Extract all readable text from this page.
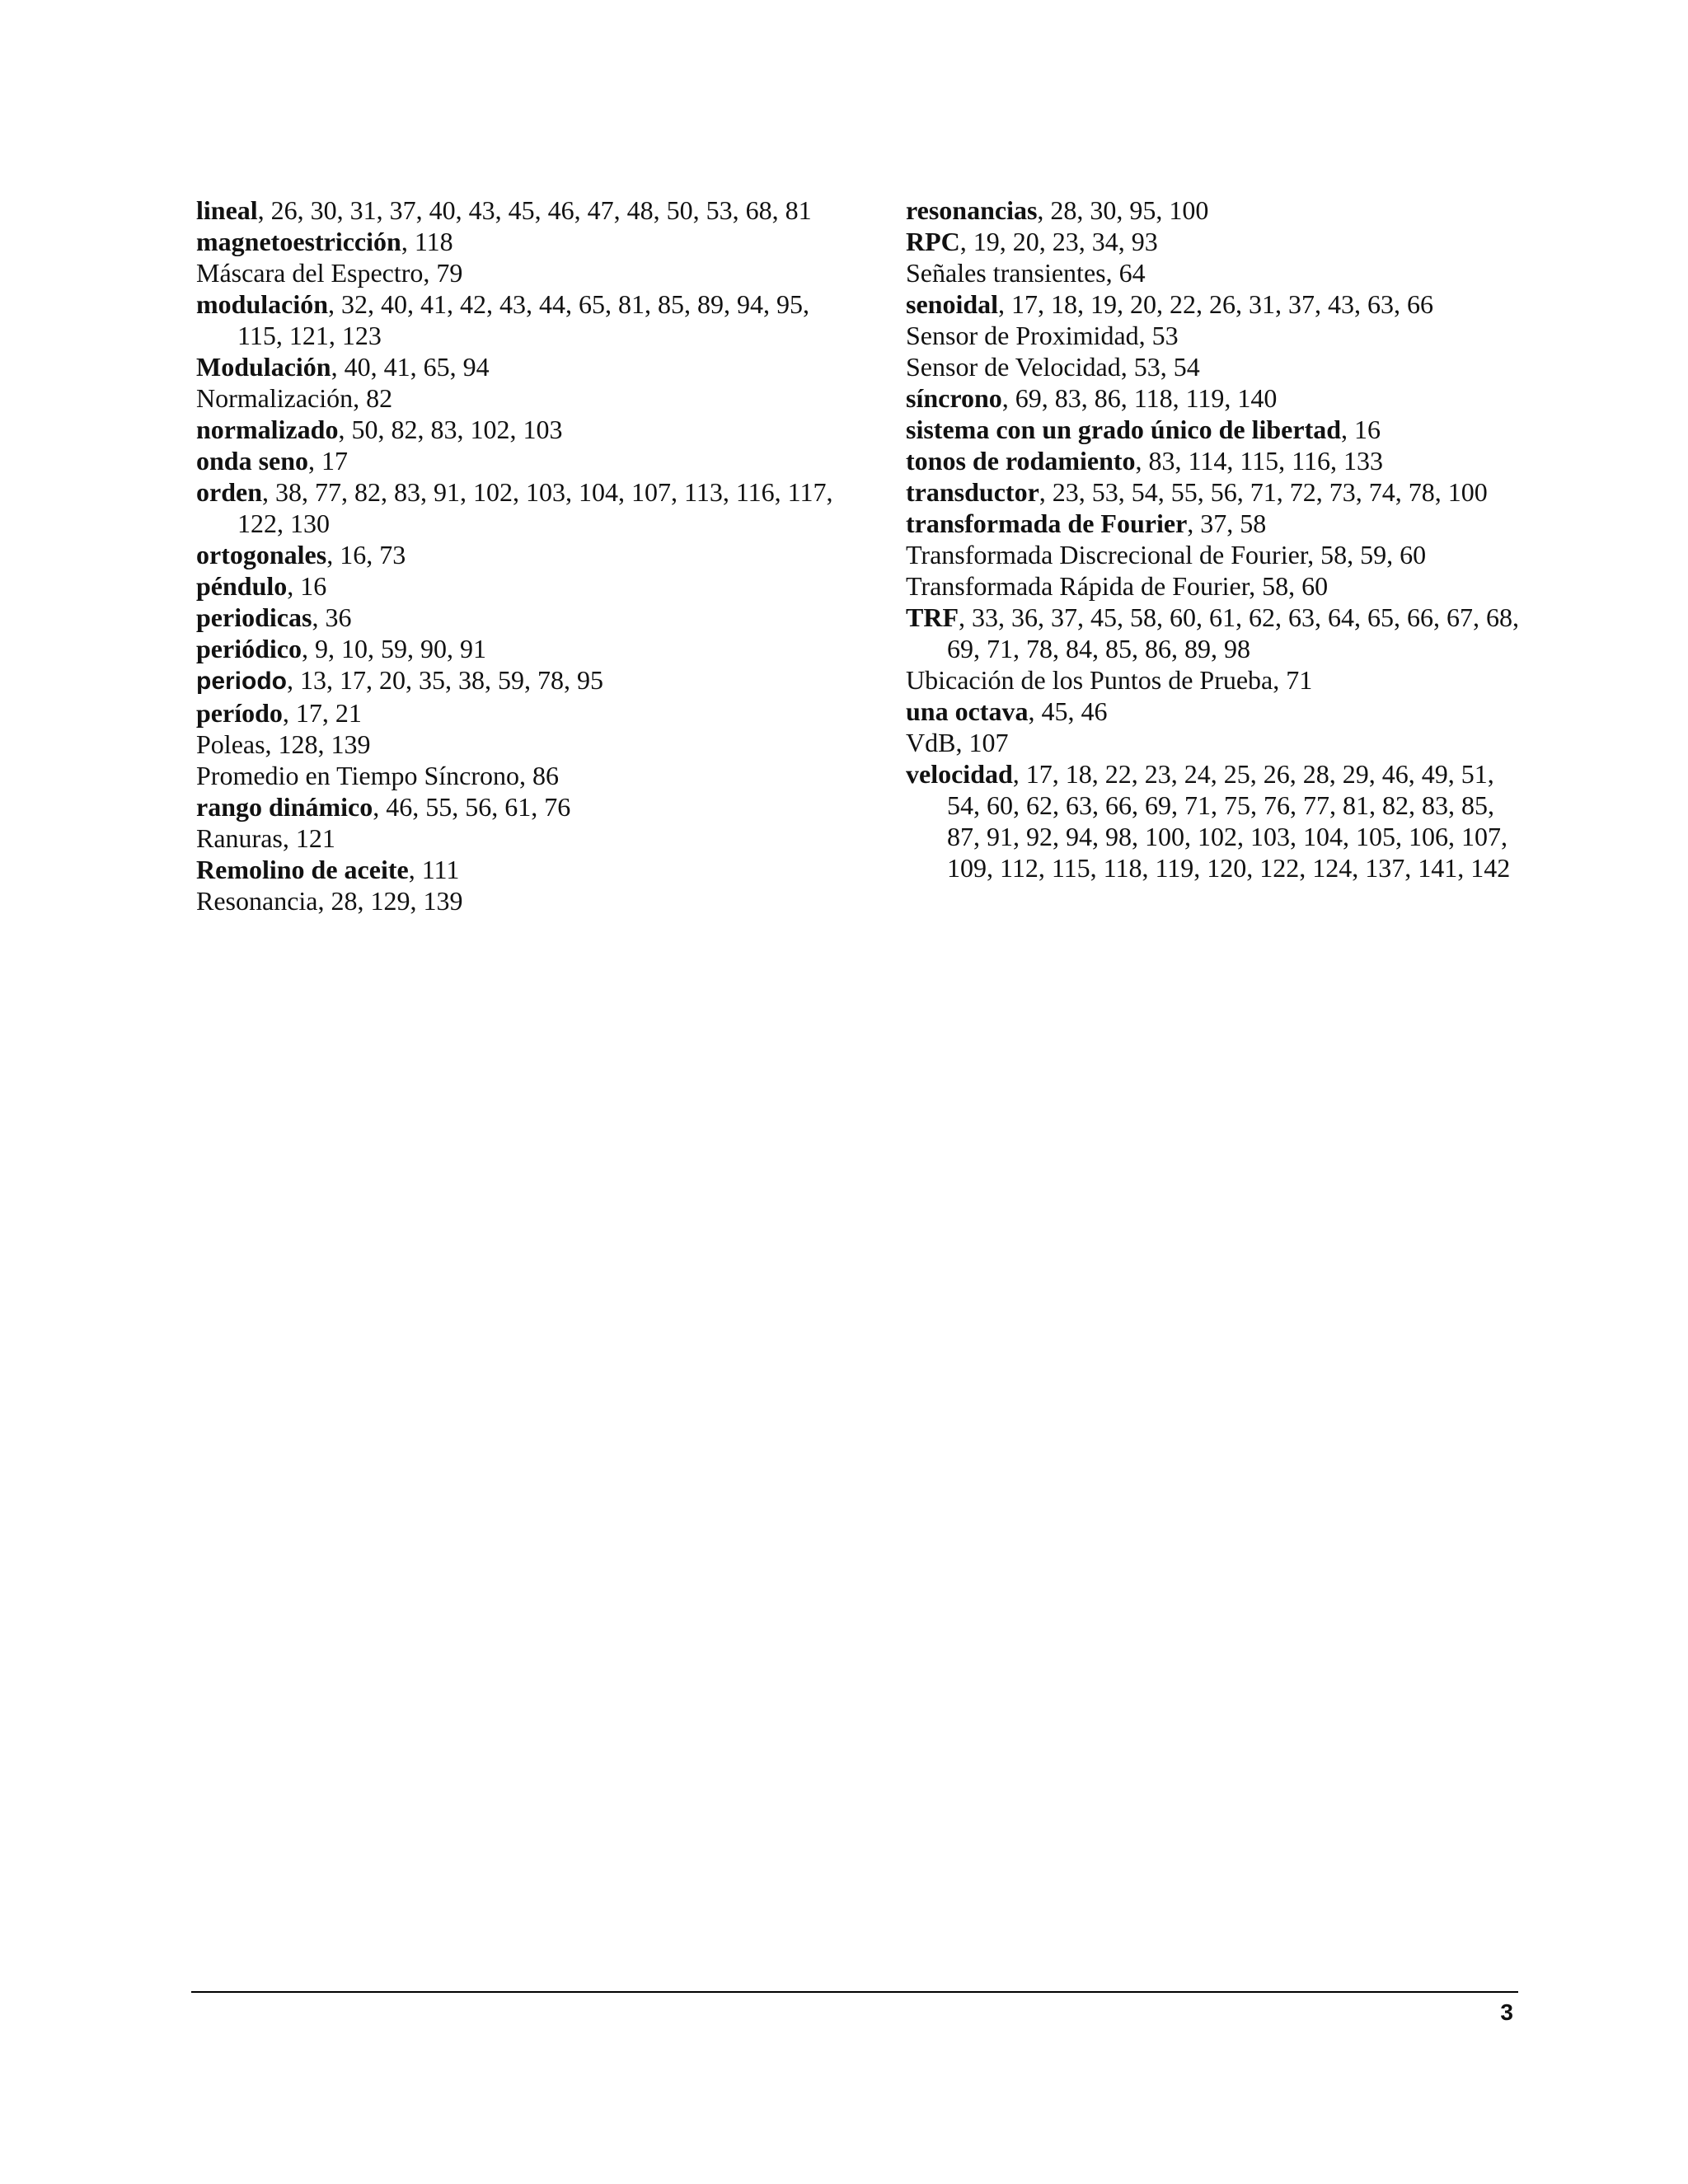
lineal, 26, 30, 31, 37, 40, 43, 45, 46, 47, 48, 50, 53, 68, 81

magnetoestricción, 118

Máscara del Espectro, 79

modulación, 32, 40, 41, 42, 43, 44, 65, 81, 85, 89, 94, 95, 115, 121, 123

Modulación, 40, 41, 65, 94

Normalización, 82

normalizado, 50, 82, 83, 102, 103

onda seno, 17

orden, 38, 77, 82, 83, 91, 102, 103, 104, 107, 113, 116, 117, 122, 130

ortogonales, 16, 73

péndulo, 16

periodicas, 36

periódico, 9, 10, 59, 90, 91

periodo, 13, 17, 20, 35, 38, 59, 78, 95

período, 17, 21

Poleas, 128, 139

Promedio en Tiempo Síncrono, 86

rango dinámico, 46, 55, 56, 61, 76

Ranuras, 121

Remolino de aceite, 111

Resonancia, 28, 129, 139

resonancias, 28, 30, 95, 100

RPC, 19, 20, 23, 34, 93

Señales transientes, 64

senoidal, 17, 18, 19, 20, 22, 26, 31, 37, 43, 63, 66

Sensor de Proximidad, 53

Sensor de Velocidad, 53, 54

síncrono, 69, 83, 86, 118, 119, 140

sistema con un grado único de libertad, 16

tonos de rodamiento, 83, 114, 115, 116, 133

transductor, 23, 53, 54, 55, 56, 71, 72, 73, 74, 78, 100

transformada de Fourier, 37, 58

Transformada Discrecional de Fourier, 58, 59, 60

Transformada Rápida de Fourier, 58, 60

TRF, 33, 36, 37, 45, 58, 60, 61, 62, 63, 64, 65, 66, 67, 68, 69, 71, 78, 84, 85, 86, 89, 98

Ubicación de los Puntos de Prueba, 71

una octava, 45, 46

VdB, 107

velocidad, 17, 18, 22, 23, 24, 25, 26, 28, 29, 46, 49, 51, 54, 60, 62, 63, 66, 69, 71, 75, 76, 77, 81, 82, 83, 85, 87, 91, 92, 94, 98, 100, 102, 103, 104, 105, 106, 107, 109, 112, 115, 118, 119, 120, 122, 124, 137, 141, 142

3
